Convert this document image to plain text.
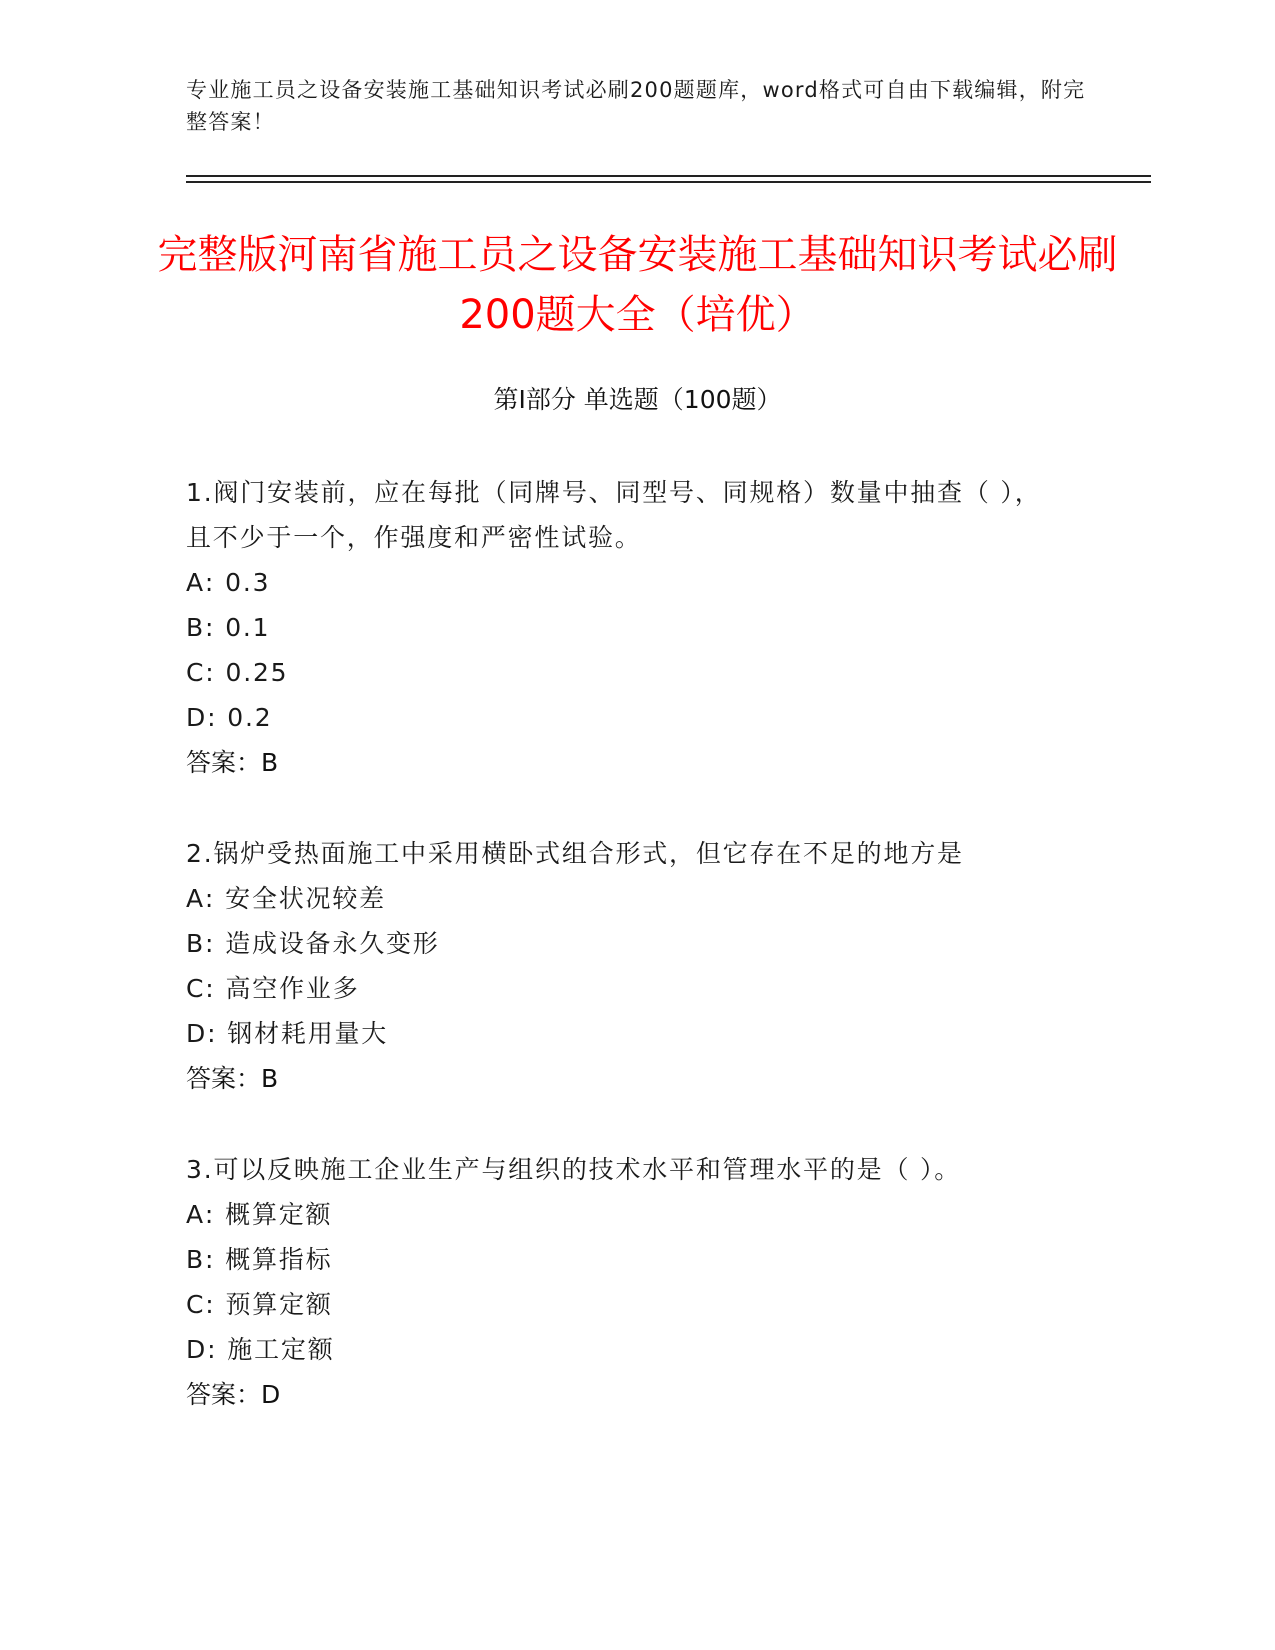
专业施工员之设备安装施工基础知识考试必刷200题题库，word格式可自由下载编辑，附完整答案！
完整版河南省施工员之设备安装施工基础知识考试必刷200题大全（培优）
第I部分 单选题（100题）
1.阀门安装前，应在每批（同牌号、同型号、同规格）数量中抽查（ ），且不少于一个，作强度和严密性试验。
A: 0.3
B: 0.1
C: 0.25
D: 0.2
答案：B
2.锅炉受热面施工中采用横卧式组合形式，但它存在不足的地方是
A: 安全状况较差
B: 造成设备永久变形
C: 高空作业多
D: 钢材耗用量大
答案：B
3.可以反映施工企业生产与组织的技术水平和管理水平的是（ ）。
A: 概算定额
B: 概算指标
C: 预算定额
D: 施工定额
答案：D
